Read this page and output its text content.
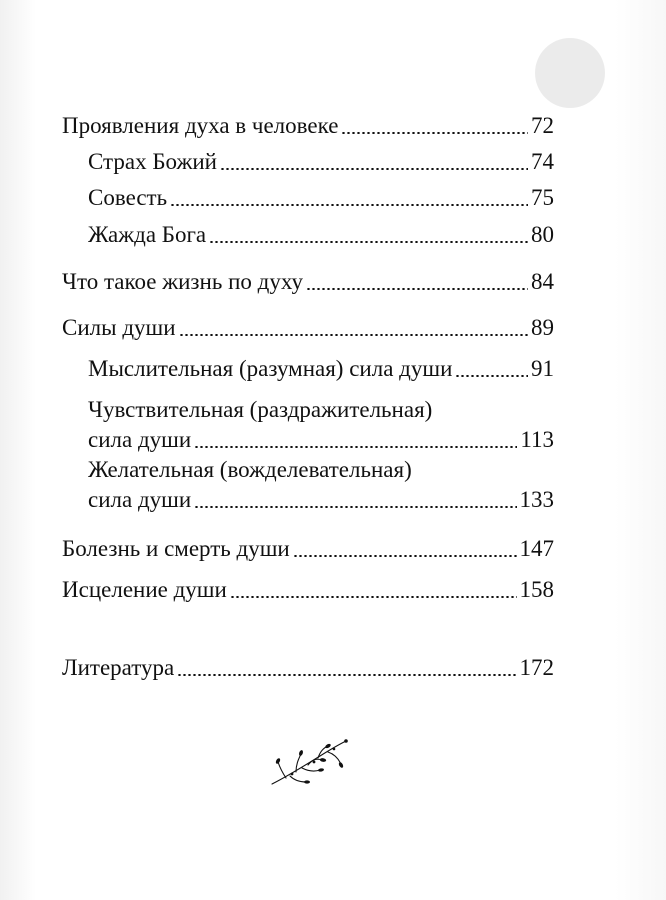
Проявления духа в человеке	72
Страх Божий	74
Совесть	75
Жажда Бога	80
Что такое жизнь по духу	84
Силы души	89
Мыслительная (разумная) сила души	91
Чувствительная (раздражительная)
сила души	113
Желательная (вожделевательная)
сила души	133
Болезнь и смерть души	147
Исцеление души	158
Литература	172
